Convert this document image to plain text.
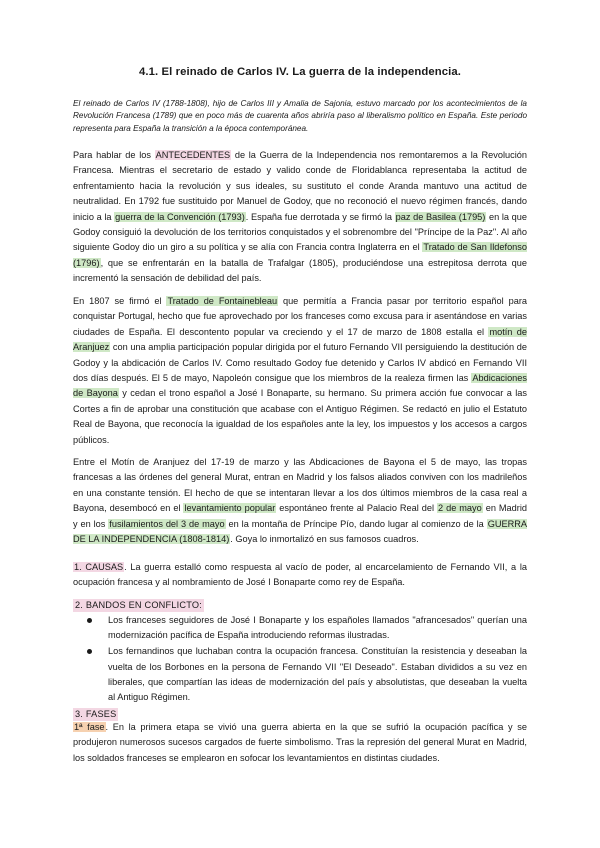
4.1. El reinado de Carlos IV. La guerra de la independencia.
El reinado de Carlos IV (1788-1808), hijo de Carlos III y Amalia de Sajonia, estuvo marcado por los acontecimientos de la Revolución Francesa (1789) que en poco más de cuarenta años abriría paso al liberalismo político en España. Este periodo representa para España la transición a la época contemporánea.

Para hablar de los ANTECEDENTES de la Guerra de la Independencia nos remontaremos a la Revolución Francesa. Mientras el secretario de estado y valido conde de Floridablanca representaba la actitud de enfrentamiento hacia la revolución y sus ideales, su sustituto el conde Aranda mantuvo una actitud de neutralidad. En 1792 fue sustituido por Manuel de Godoy, que no reconoció el nuevo régimen francés, dando inicio a la guerra de la Convención (1793). España fue derrotada y se firmó la paz de Basilea (1795) en la que Godoy consiguió la devolución de los territorios conquistados y el sobrenombre del "Príncipe de la Paz". Al año siguiente Godoy dio un giro a su política y se alía con Francia contra Inglaterra en el Tratado de San Ildefonso (1796), que se enfrentarán en la batalla de Trafalgar (1805), produciéndose una estrepitosa derrota que incrementó la sensación de debilidad del país.

En 1807 se firmó el Tratado de Fontainebleau que permitía a Francia pasar por territorio español para conquistar Portugal, hecho que fue aprovechado por los franceses como excusa para ir asentándose en varias ciudades de España. El descontento popular va creciendo y el 17 de marzo de 1808 estalla el motín de Aranjuez con una amplia participación popular dirigida por el futuro Fernando VII persiguiendo la destitución de Godoy y la abdicación de Carlos IV. Como resultado Godoy fue detenido y Carlos IV abdicó en Fernando VII dos días después. El 5 de mayo, Napoleón consigue que los miembros de la realeza firmen las Abdicaciones de Bayona y cedan el trono español a José I Bonaparte, su hermano. Su primera acción fue convocar a las Cortes a fin de aprobar una constitución que acabase con el Antiguo Régimen. Se redactó en julio el Estatuto Real de Bayona, que reconocía la igualdad de los españoles ante la ley, los impuestos y los accesos a cargos públicos.

Entre el Motín de Aranjuez del 17-19 de marzo y las Abdicaciones de Bayona el 5 de mayo, las tropas francesas a las órdenes del general Murat, entran en Madrid y los falsos aliados conviven con los madrileños en una constante tensión. El hecho de que se intentaran llevar a los dos últimos miembros de la casa real a Bayona, desembocó en el levantamiento popular espontáneo frente al Palacio Real del 2 de mayo en Madrid y en los fusilamientos del 3 de mayo en la montaña de Príncipe Pío, dando lugar al comienzo de la GUERRA DE LA INDEPENDENCIA (1808-1814). Goya lo inmortalizó en sus famosos cuadros.

1. CAUSAS. La guerra estalló como respuesta al vacío de poder, al encarcelamiento de Fernando VII, a la ocupación francesa y al nombramiento de José I Bonaparte como rey de España.

2. BANDOS EN CONFLICTO:
Los franceses seguidores de José I Bonaparte y los españoles llamados "afrancesados" querían una modernización pacífica de España introduciendo reformas ilustradas.
Los fernandinos que luchaban contra la ocupación francesa. Constituían la resistencia y deseaban la vuelta de los Borbones en la persona de Fernando VII "El Deseado". Estaban divididos a su vez en liberales, que compartían las ideas de modernización del país y absolutistas, que deseaban la vuelta al Antiguo Régimen.
3. FASES

1ª fase. En la primera etapa se vivió una guerra abierta en la que se sufrió la ocupación pacífica y se produjeron numerosos sucesos cargados de fuerte simbolismo. Tras la represión del general Murat en Madrid, los soldados franceses se emplearon en sofocar los levantamientos en distintas ciudades.
